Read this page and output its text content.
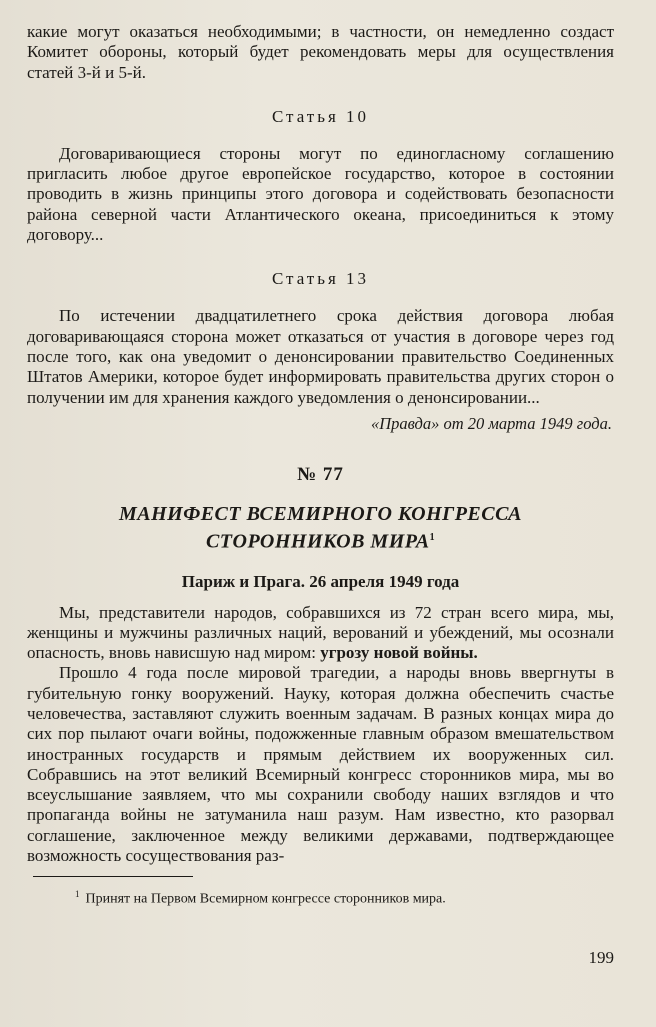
какие могут оказаться необходимыми; в частности, он немедленно создаст Комитет обороны, который будет рекомендовать меры для осуществления статей 3-й и 5-й.

Статья 10

Договаривающиеся стороны могут по единогласному соглашению пригласить любое другое европейское государство, которое в состоянии проводить в жизнь принципы этого договора и содействовать безопасности района северной части Атлантического океана, присоединиться к этому договору...

Статья 13

По истечении двадцатилетнего срока действия договора любая договаривающаяся сторона может отказаться от участия в договоре через год после того, как она уведомит о денонсировании правительство Соединенных Штатов Америки, которое будет информировать правительства других сторон о получении им для хранения каждого уведомления о денонсировании...

«Правда» от 20 марта 1949 года.
№ 77
МАНИФЕСТ ВСЕМИРНОГО КОНГРЕССА
СТОРОННИКОВ МИРА$^1$
Париж и Прага. 26 апреля 1949 года

Мы, представители народов, собравшихся из 72 стран всего мира, мы, женщины и мужчины различных наций, верований и убеждений, мы осознали опасность, вновь нависшую над миром: угрозу новой войны.

Прошло 4 года после мировой трагедии, а народы вновь ввергнуты в губительную гонку вооружений. Науку, которая должна обеспечить счастье человечества, заставляют служить военным задачам. В разных концах мира до сих пор пылают очаги войны, подожженные главным образом вмешательством иностранных государств и прямым действием их вооруженных сил. Собравшись на этот великий Всемирный конгресс сторонников мира, мы во всеуслышание заявляем, что мы сохранили свободу наших взглядов и что пропаганда войны не затуманила наш разум. Нам известно, кто разорвал соглашение, заключенное между великими державами, подтверждающее возможность сосуществования раз-

$^1$ Принят на Первом Всемирном конгрессе сторонников мира.
199
